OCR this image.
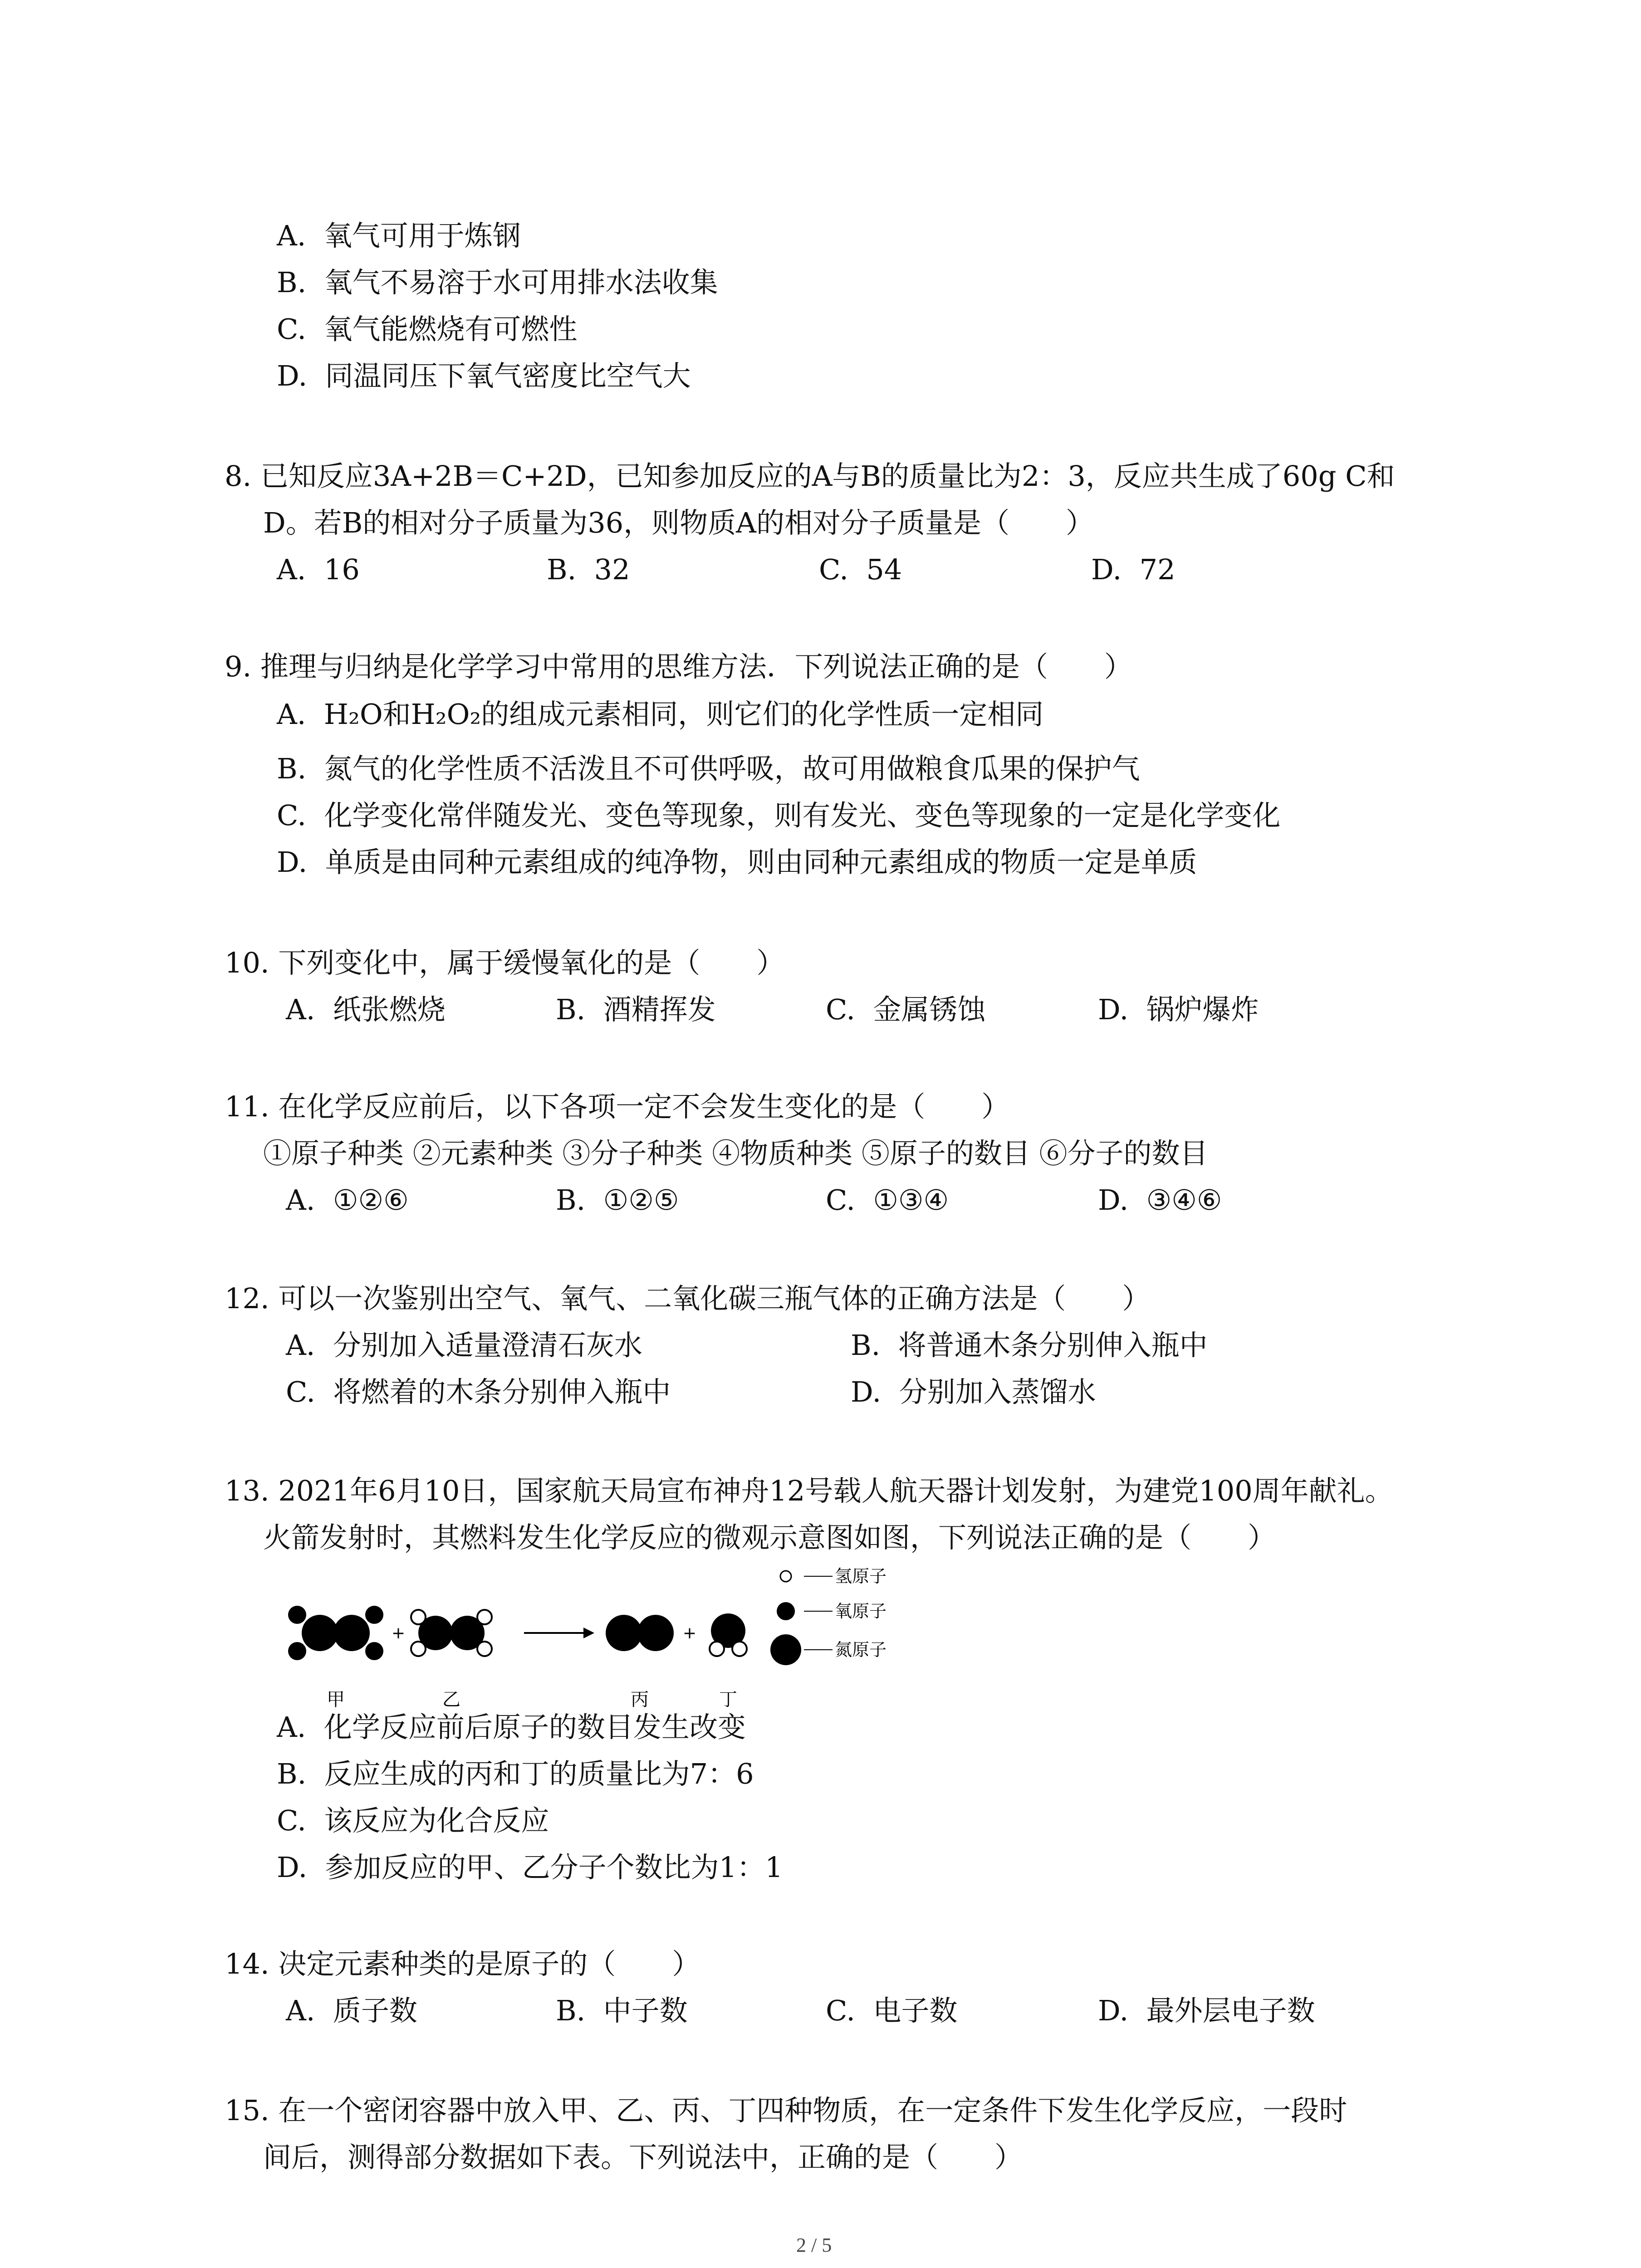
A.  氧气可用于炼钢
B.  氧气不易溶于水可用排水法收集
C.  氧气能燃烧有可燃性
D.  同温同压下氧气密度比空气大
8. 已知反应3A+2B＝C+2D，已知参加反应的A与B的质量比为2：3，反应共生成了60g C和
D。若B的相对分子质量为36，则物质A的相对分子质量是（　　）
A.  16	B.  32	C.  54	D.  72
9. 推理与归纳是化学学习中常用的思维方法．下列说法正确的是（　　）
A.  H₂O和H₂O₂的组成元素相同，则它们的化学性质一定相同
B.  氮气的化学性质不活泼且不可供呼吸，故可用做粮食瓜果的保护气
C.  化学变化常伴随发光、变色等现象，则有发光、变色等现象的一定是化学变化
D.  单质是由同种元素组成的纯净物，则由同种元素组成的物质一定是单质
10. 下列变化中，属于缓慢氧化的是（　　）
A.  纸张燃烧	B.  酒精挥发	C.  金属锈蚀	D.  锅炉爆炸
11. 在化学反应前后，以下各项一定不会发生变化的是（　　）
①原子种类 ②元素种类 ③分子种类 ④物质种类 ⑤原子的数目 ⑥分子的数目
A.  ①②⑥	B.  ①②⑤	C.  ①③④	D.  ③④⑥
12. 可以一次鉴别出空气、氧气、二氧化碳三瓶气体的正确方法是（　　）
A.  分别加入适量澄清石灰水	B.  将普通木条分别伸入瓶中
C.  将燃着的木条分别伸入瓶中	D.  分别加入蒸馏水
13. 2021年6月10日，国家航天局宣布神舟12号载人航天器计划发射，为建党100周年献礼。
火箭发射时，其燃料发生化学反应的微观示意图如图，下列说法正确的是（　　）
+	+
甲	乙	丙	丁
氢原子
氧原子
氮原子
A.  化学反应前后原子的数目发生改变
B.  反应生成的丙和丁的质量比为7：6
C.  该反应为化合反应
D.  参加反应的甲、乙分子个数比为1：1
14. 决定元素种类的是原子的（　　）
A.  质子数	B.  中子数	C.  电子数	D.  最外层电子数
15. 在一个密闭容器中放入甲、乙、丙、丁四种物质，在一定条件下发生化学反应，一段时
间后，测得部分数据如下表。下列说法中，正确的是（　　）
2 / 5
